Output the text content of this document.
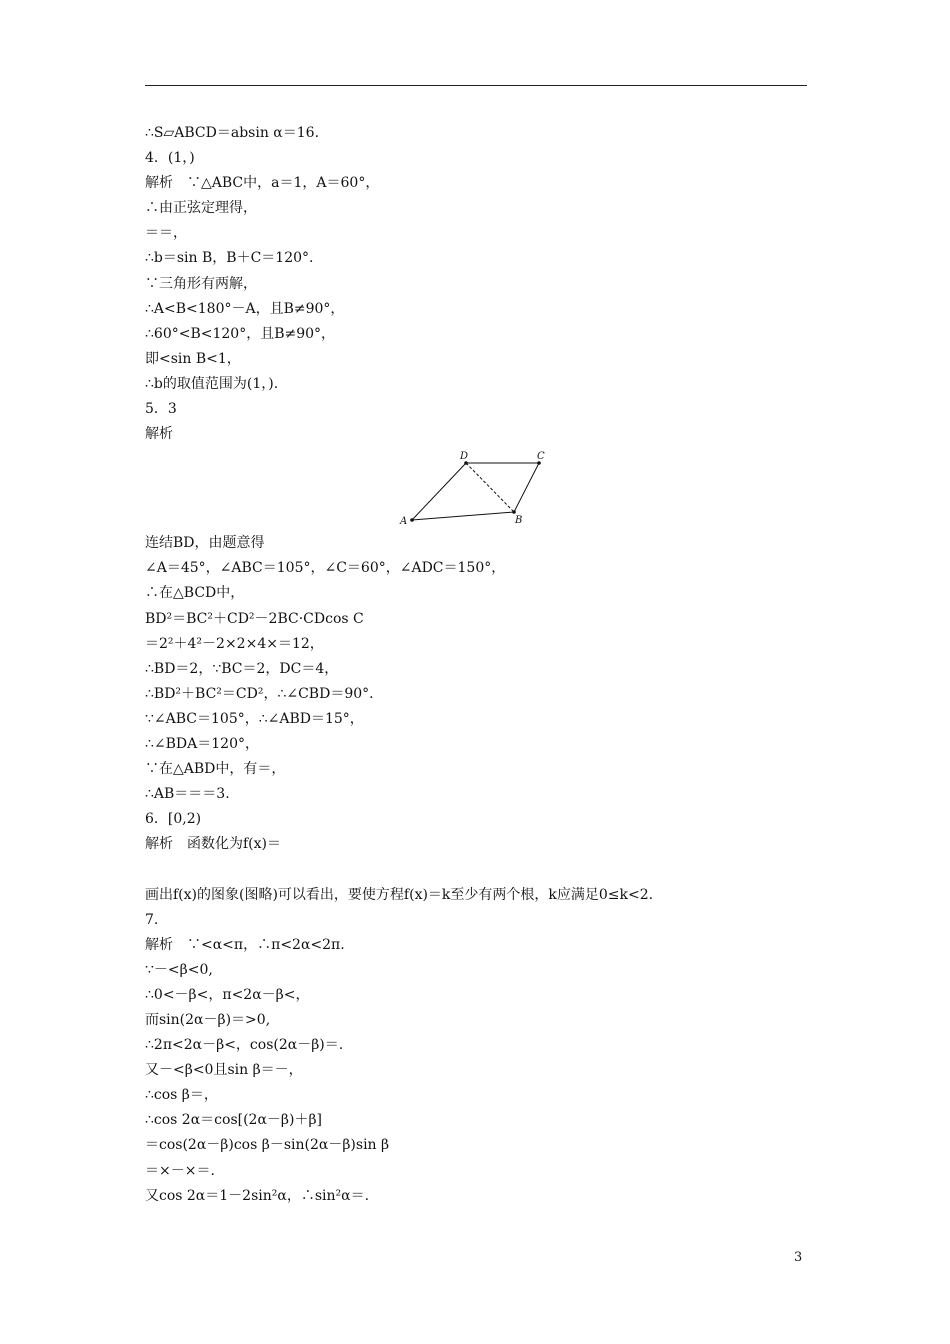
∴S▱ABCD＝absin α＝16.
4．(1，)
解析　∵△ABC中，a＝1，A＝60°，
∴由正弦定理得，
＝＝，
∴b＝sin B，B＋C＝120°.
∵三角形有两解，
∴A<B<180°－A，且B≠90°，
∴60°<B<120°，且B≠90°，
即<sin B<1，
∴b的取值范围为(1，).
5．3
解析
A
D	C
B
连结BD，由题意得
∠A＝45°，∠ABC＝105°，∠C＝60°，∠ADC＝150°，
∴在△BCD中，
BD²＝BC²＋CD²－2BC·CDcos C
＝2²＋4²－2×2×4×＝12，
∴BD＝2，∵BC＝2，DC＝4，
∴BD²＋BC²＝CD²，∴∠CBD＝90°.
∵∠ABC＝105°，∴∠ABD＝15°，
∴∠BDA＝120°，
∵在△ABD中，有＝，
∴AB＝＝＝3.
6．[0,2)
解析　函数化为f(x)＝
画出f(x)的图象(图略)可以看出，要使方程f(x)＝k至少有两个根，k应满足0≤k<2.
7.
解析　∵<α<π，∴π<2α<2π.
∵－<β<0,
∴0<－β<，π<2α－β<，
而sin(2α－β)＝>0,
∴2π<2α－β<，cos(2α－β)＝.
又－<β<0且sin β＝－，
∴cos β＝，
∴cos 2α＝cos[(2α－β)＋β]
＝cos(2α－β)cos β－sin(2α－β)sin β
＝×－×＝.
又cos 2α＝1－2sin²α，∴sin²α＝.
3
